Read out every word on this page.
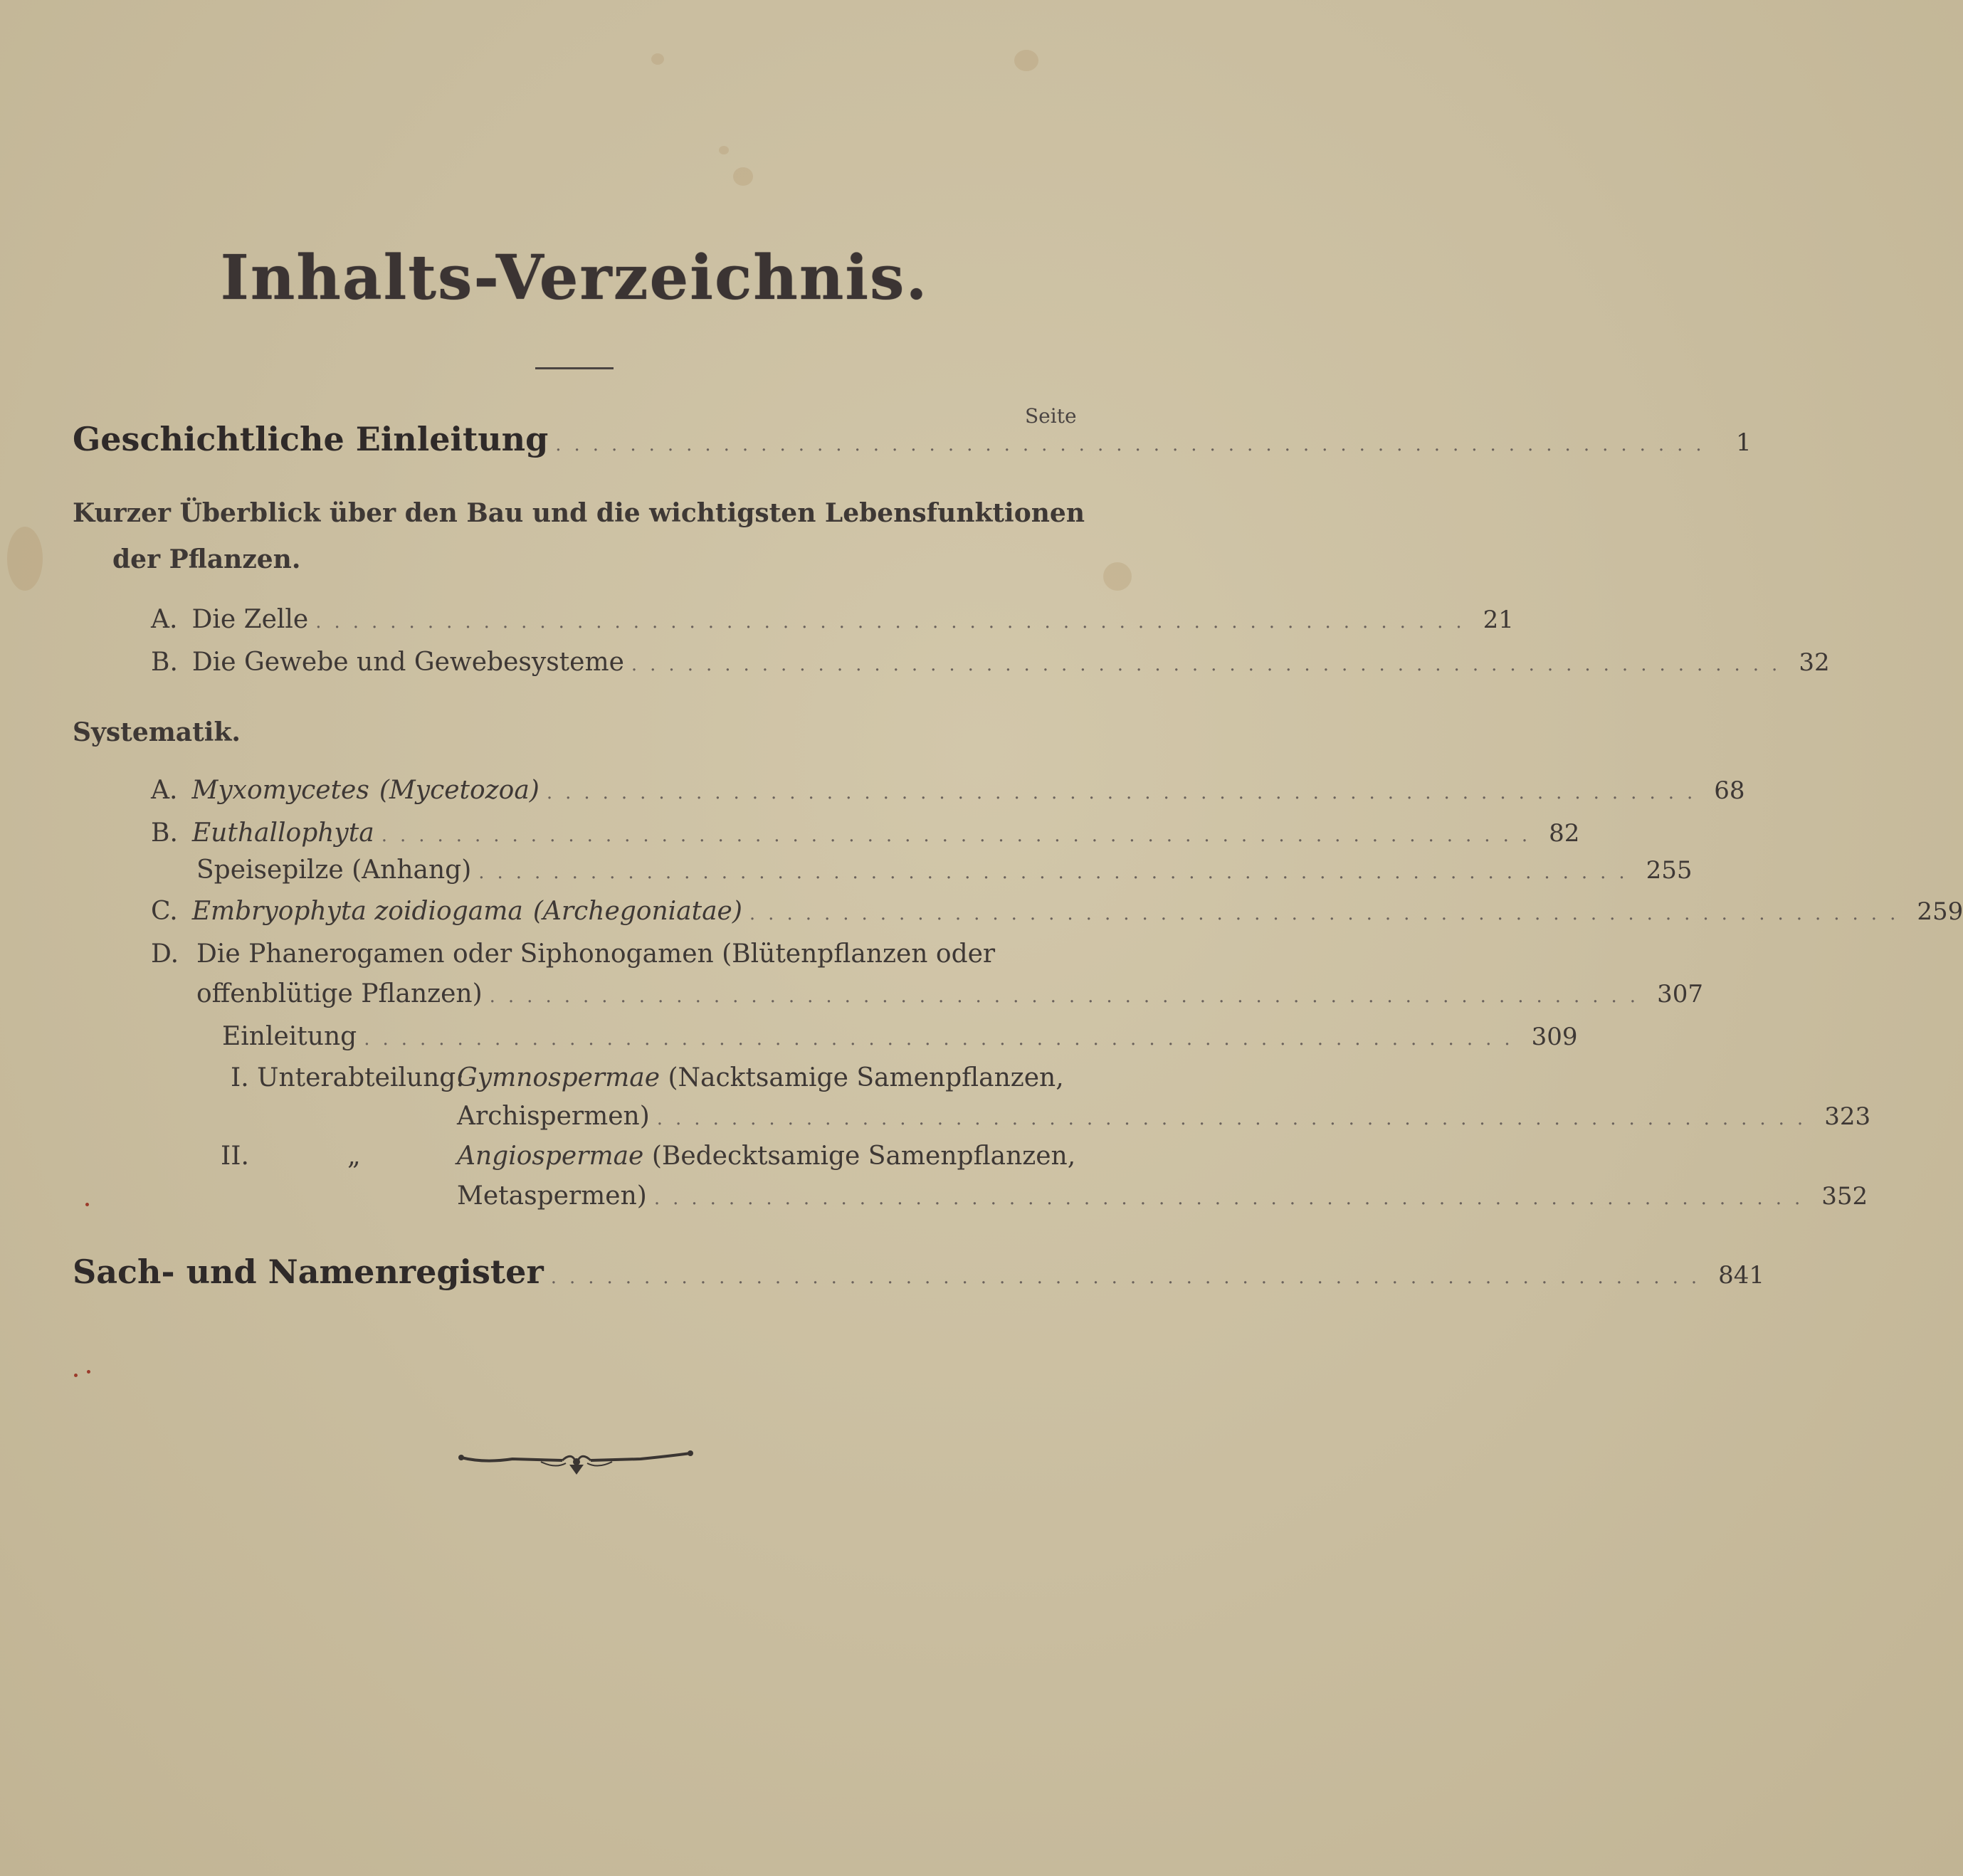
Inhalts-Verzeichnis.
Seite
Geschichtliche Einleitung .............................................................. 1
Kurzer Überblick über den Bau und die wichtigsten Lebensfunktionen
der Pflanzen.
A. Die Zelle .............................................................. 21
B. Die Gewebe und Gewebesysteme .............................................................. 32
Systematik.
A. Myxomycetes (Mycetozoa) .............................................................. 68
B. Euthallophyta .............................................................. 82
Speisepilze (Anhang) .............................................................. 255
C. Embryophyta zoidiogama (Archegoniatae) .............................................................. 259
D. Die Phanerogamen oder Siphonogamen (Blütenpflanzen oder
offenblütige Pflanzen) .............................................................. 307
Einleitung .............................................................. 309
I. Unterabteilung:
Gymnospermae (Nacktsamige Samenpflanzen,
Archispermen) .............................................................. 323
II.	„	Angiospermae (Bedecktsamige Samenpflanzen,
Metaspermen) .............................................................. 352
Sach- und Namenregister .............................................................. 841
